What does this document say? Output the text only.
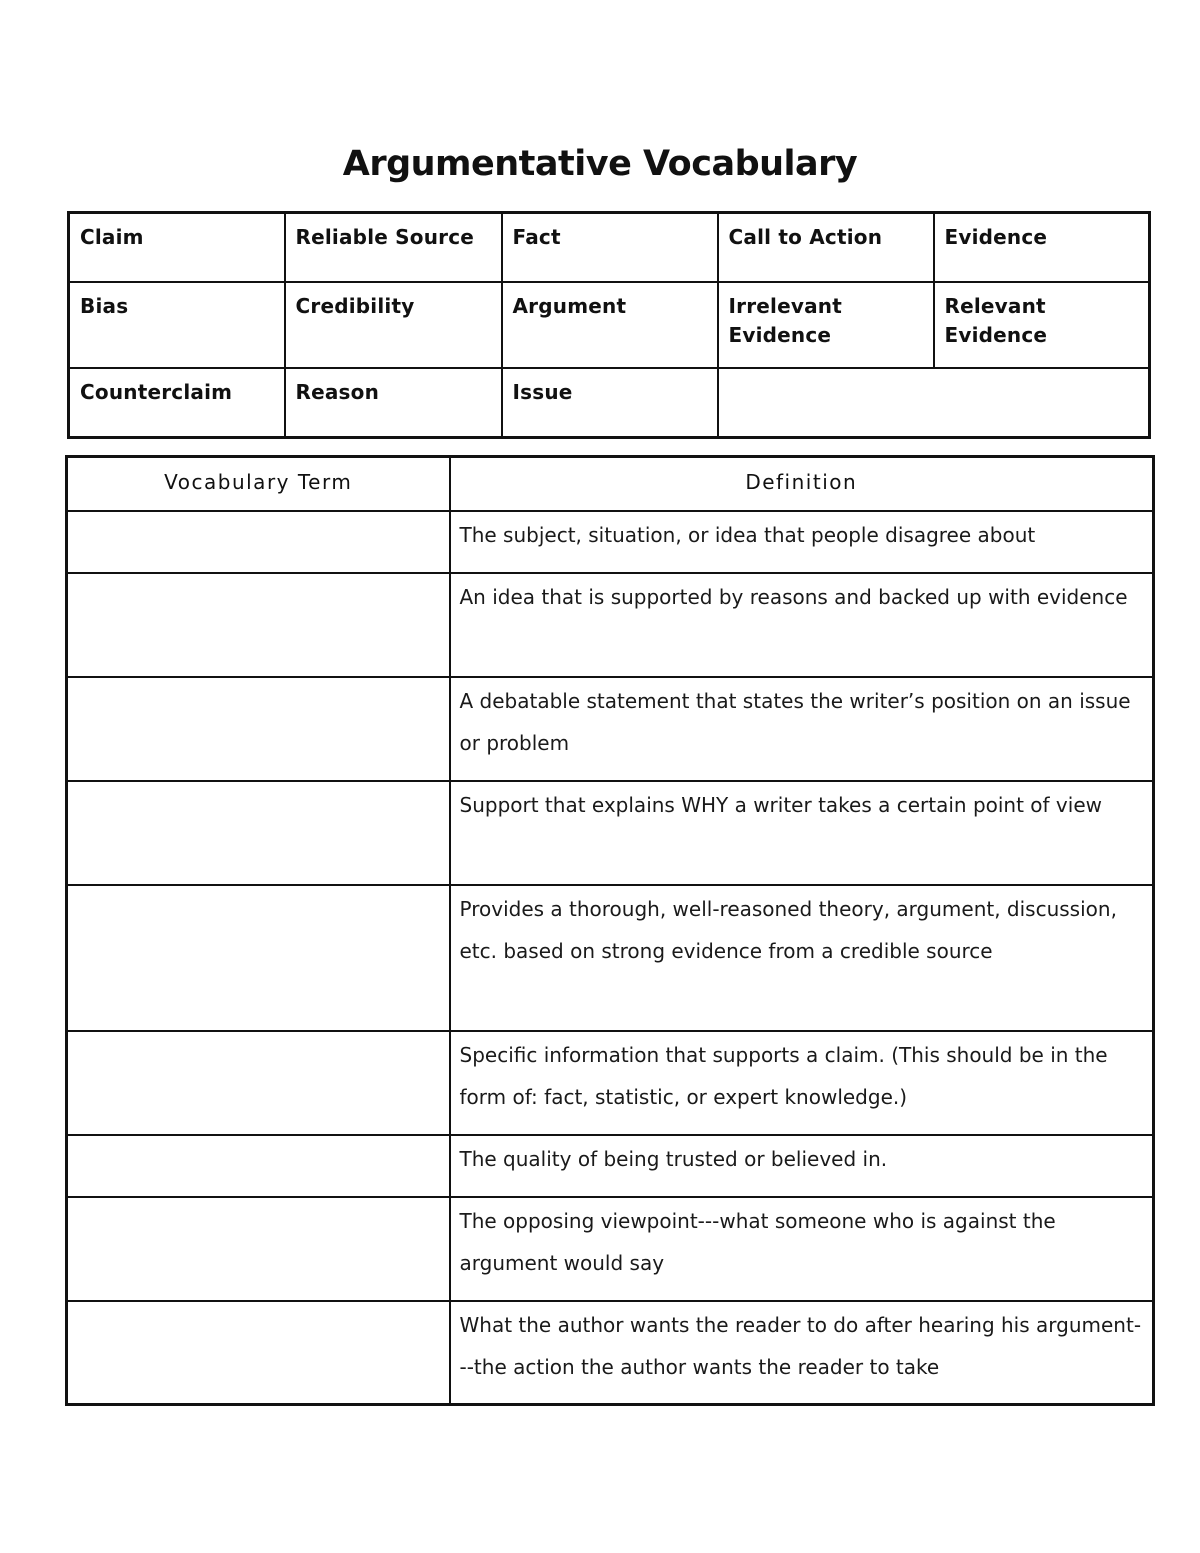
Argumentative Vocabulary
Claim	Reliable Source	Fact	Call to Action	Evidence
Bias	Credibility	Argument	Irrelevant Evidence	Relevant Evidence
Counterclaim	Reason	Issue		
Vocabulary Term	Definition
	The subject, situation, or idea that people disagree about
	An idea that is supported by reasons and backed up with evidence
	A debatable statement that states the writer’s position on an issue or problem
	Support that explains WHY a writer takes a certain point of view
	Provides a thorough, well-reasoned theory, argument, discussion, etc. based on strong evidence from a credible source
	Specific information that supports a claim. (This should be in the form of: fact, statistic, or expert knowledge.)
	The quality of being trusted or believed in.
	The opposing viewpoint---what someone who is against the argument would say
	What the author wants the reader to do after hearing his argument---the action the author wants the reader to take
